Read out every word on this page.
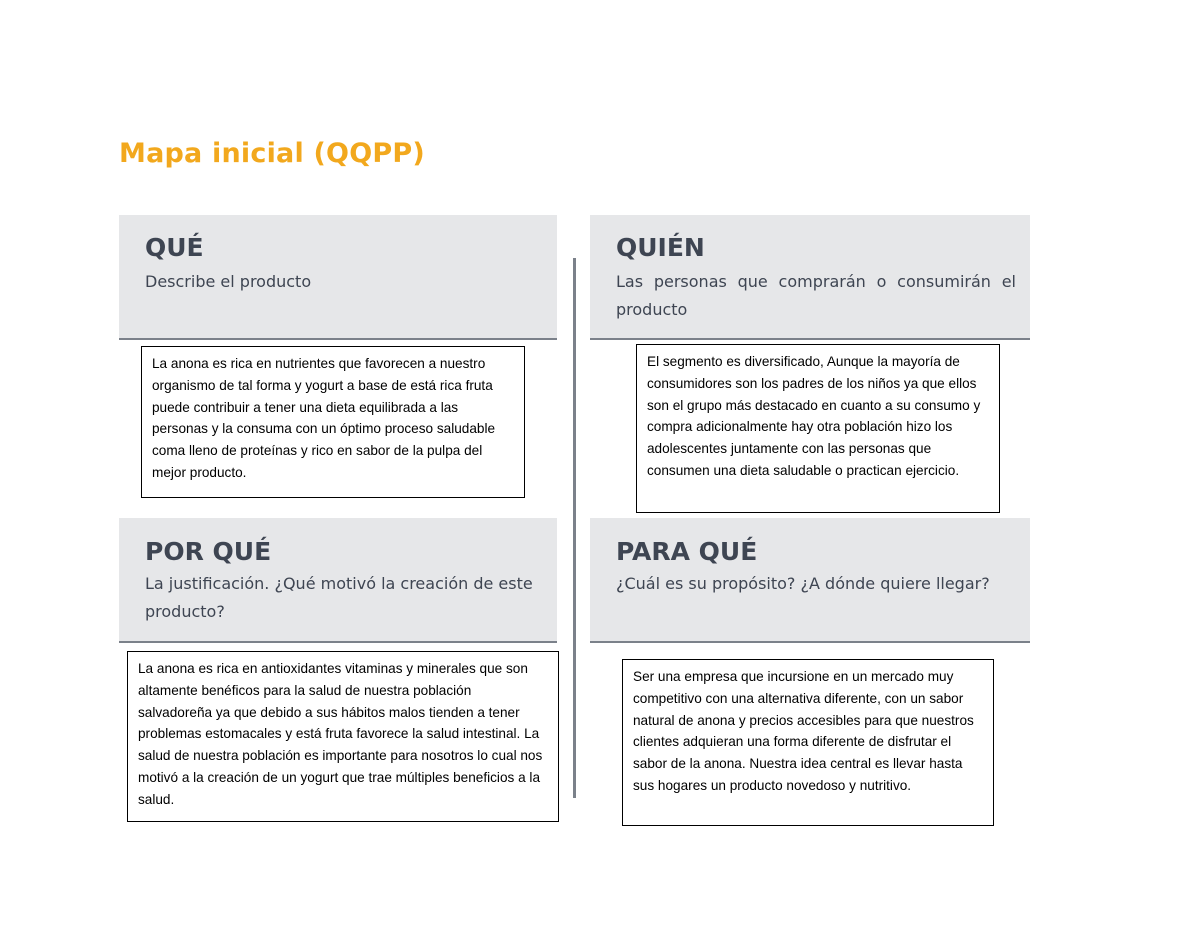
Mapa inicial (QQPP)
QUÉ
Describe el producto
QUIÉN
Las personas que comprarán o consumirán el producto
POR QUÉ
La justificación. ¿Qué motivó la creación de este producto?
PARA QUÉ
¿Cuál es su propósito? ¿A dónde quiere llegar?
La anona es rica en nutrientes que favorecen a nuestro organismo de tal forma y yogurt a base de está rica fruta puede contribuir a tener una dieta equilibrada a las personas y la consuma con un óptimo proceso saludable coma lleno de proteínas y rico en sabor de la pulpa del mejor producto.
El segmento es diversificado, Aunque la mayoría de consumidores son los padres de los niños ya que ellos son el grupo más destacado en cuanto a su consumo y compra adicionalmente hay otra población hizo los adolescentes juntamente con las personas que consumen una dieta saludable o practican ejercicio.
La anona es rica en antioxidantes vitaminas y minerales que son altamente benéficos para la salud de nuestra población salvadoreña ya que debido a sus hábitos malos tienden a tener problemas estomacales y está fruta favorece la salud intestinal. La salud de nuestra población es importante para nosotros lo cual nos motivó a la creación de un yogurt que trae múltiples beneficios a la salud.
Ser una empresa que incursione en un mercado muy competitivo con una alternativa diferente, con un sabor natural de anona y precios accesibles para que nuestros clientes adquieran una forma diferente de disfrutar el sabor de la anona. Nuestra idea central es llevar hasta sus hogares un producto novedoso y nutritivo.
